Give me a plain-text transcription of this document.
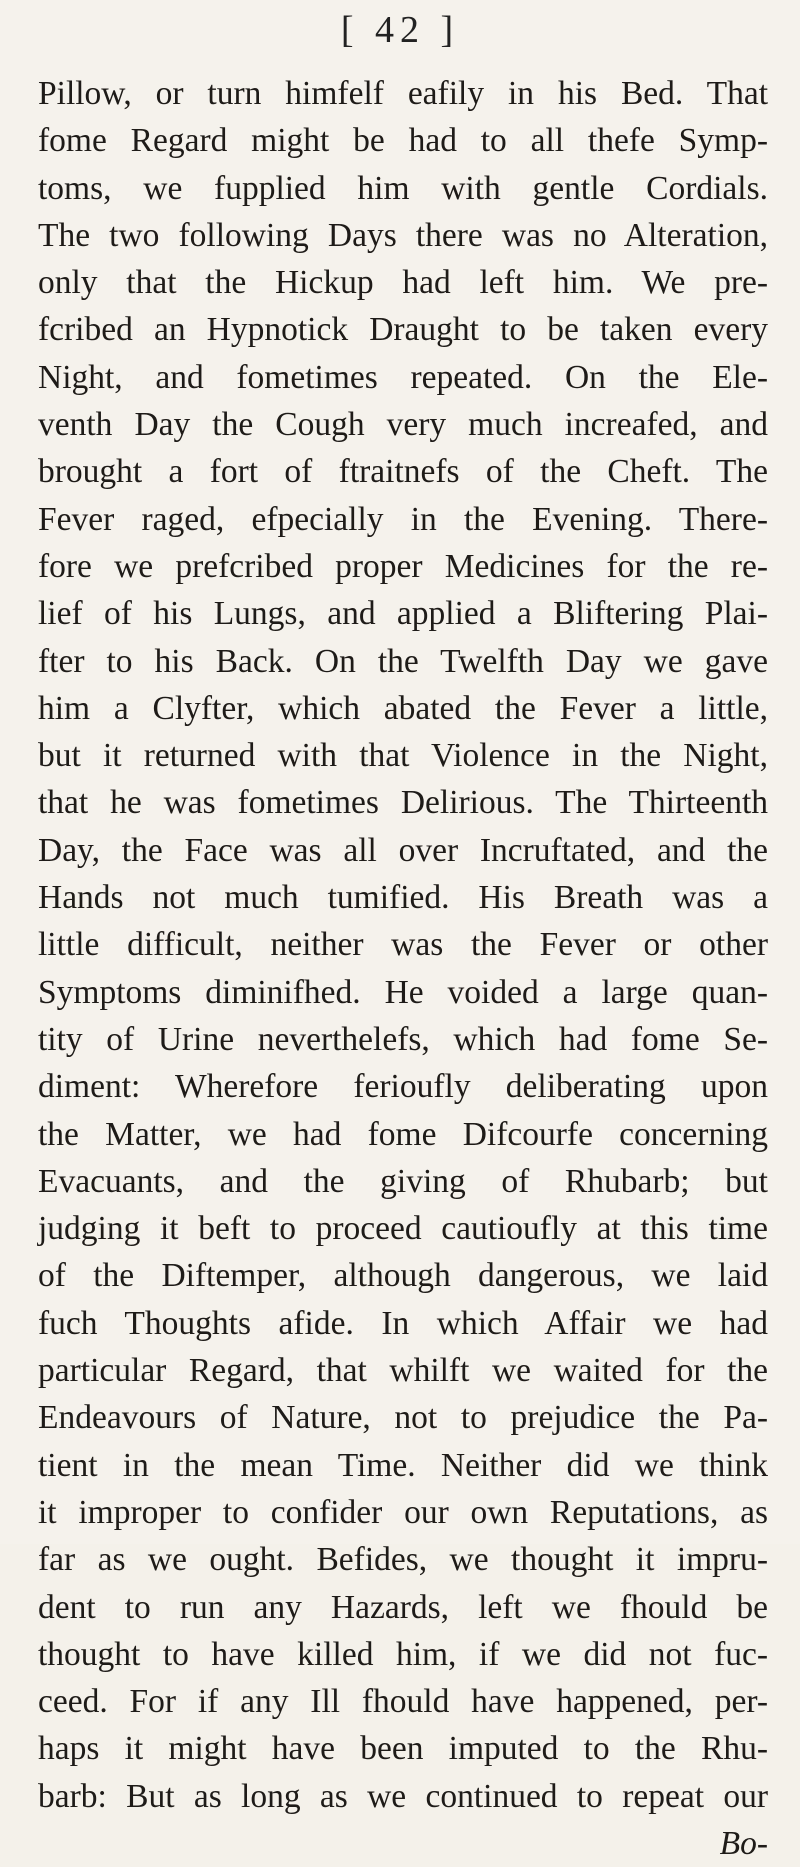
[ 42 ]
Pillow, or turn himfelf eafily in his Bed. That
fome Regard might be had to all thefe Symp-
toms, we fupplied him with gentle Cordials.
The two following Days there was no Alteration,
only that the Hickup had left him. We pre-
fcribed an Hypnotick Draught to be taken every
Night, and fometimes repeated. On the Ele-
venth Day the Cough very much increafed, and
brought a fort of ftraitnefs of the Cheft. The
Fever raged, efpecially in the Evening. There-
fore we prefcribed proper Medicines for the re-
lief of his Lungs, and applied a Bliftering Plai-
fter to his Back. On the Twelfth Day we gave
him a Clyfter, which abated the Fever a little,
but it returned with that Violence in the Night,
that he was fometimes Delirious. The Thirteenth
Day, the Face was all over Incruftated, and the
Hands not much tumified. His Breath was a
little difficult, neither was the Fever or other
Symptoms diminifhed. He voided a large quan-
tity of Urine neverthelefs, which had fome Se-
diment: Wherefore ferioufly deliberating upon
the Matter, we had fome Difcourfe concerning
Evacuants, and the giving of Rhubarb; but
judging it beft to proceed cautioufly at this time
of the Diftemper, although dangerous, we laid
fuch Thoughts afide. In which Affair we had
particular Regard, that whilft we waited for the
Endeavours of Nature, not to prejudice the Pa-
tient in the mean Time. Neither did we think
it improper to confider our own Reputations, as
far as we ought. Befides, we thought it impru-
dent to run any Hazards, left we fhould be
thought to have killed him, if we did not fuc-
ceed. For if any Ill fhould have happened, per-
haps it might have been imputed to the Rhu-
barb: But as long as we continued to repeat our
Bo-
